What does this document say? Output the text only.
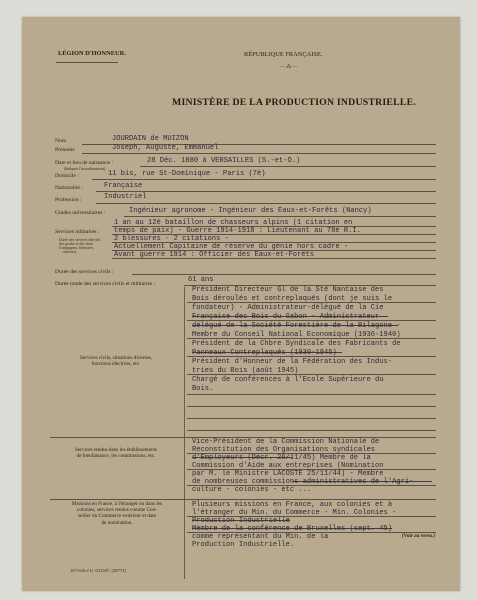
LÉGION D'HONNEUR.	RÉPUBLIQUE FRANÇAISE.
— ⁂ —
MINISTÈRE DE LA PRODUCTION INDUSTRIELLE.
Nom	JOURDAIN de MUIZON
Prénoms	Joseph, Auguste, Emmanuel
Date et lieu de naissance :
(Indiquer l'arrondissement)
28 Déc. 1880 à VERSAILLES (S.-et-O.)
Domicile :	11 bis, rue St-Dominique - Paris (7è)
Nationalité :	Française
Profession :	Industriel
Grades universitaires :	Ingénieur agronome - Ingénieur des Eaux-et-Forêts (Nancy)
Services militaires :
Durée des services effectifs
des grades et des titres
(campagnes, blessures,
citations)
1 an au 12è bataillon de chasseurs alpins (1 citation en
temps de paix) - Guerre 1914-1918 : Lieutenant au 78è R.I.
2 blessures - 2 citations -
Actuellement Capitaine de réserve du génie hors cadre -
Avant guerre 1914 : Officier des Eaux-et-Forêts
Durée des services civils :
Durée totale des services civils et militaires :	61 ans
Services civils, situations diverses,
fonctions électives, etc.
Président Directeur Gl de la Sté Nantaise des
Bois déroulés et contreplaqués (dont je suis le
fondateur) - Administrateur-délégué de la Cie
Française des Bois du Gabon - Administrateur
délégué de la Société Forestière de la Bilagone -
Membre du Conseil National Economique (1936-1940)
Président de la Chbre Syndicale des Fabricants de
Panneaux Contreplaqués (1930-1945)
Président d'Honneur de la Fédération des Indus-
tries du Bois (août 1945)
Chargé de conférences à l'Ecole Supérieure du
Bois.
Services rendus dans les établissements
de bienfaisance, les commissions, etc.
Vice-Président de la Commission Nationale de
Reconstitution des Organisations syndicales
d'Employeurs (Décr. 26/11/45) Membre de la
Commission d'Aide aux entreprises (Nomination
par M. le Ministre LACOSTE 25/11/44) - Membre
de nombreuses commissions administratives de l'Agri-
culture - colonies - etc ...
Missions en France, à l'étranger ou dans les
colonies, services rendus comme Con-
seiller du Commerce extérieur et date
de nomination.
Plusieurs missions en France, aux colonies et à
l'étranger du Min. du Commerce - Min. Colonies -
Production Industrielle
Membre de la conférence de Bruxelles (sept. 45)
comme représentant du Min. de la
Production Industrielle.
(Voir au verso.)
107-616-J U. 631507. [28772]
